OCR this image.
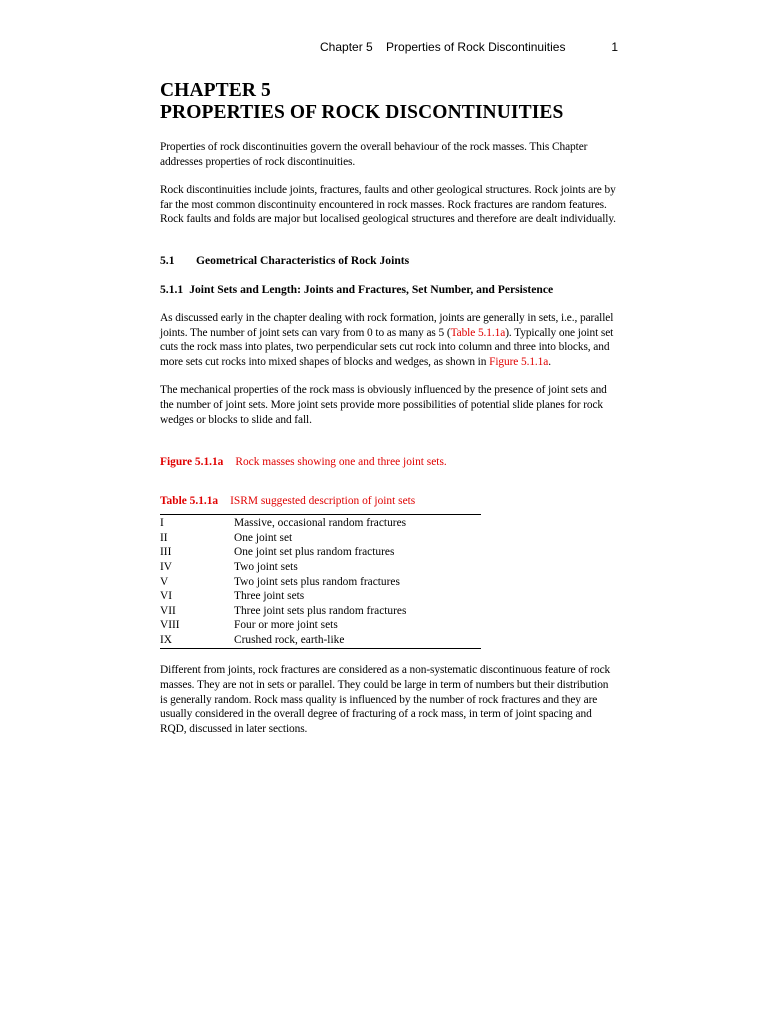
Chapter 5    Properties of Rock Discontinuities	1
CHAPTER 5
PROPERTIES OF ROCK DISCONTINUITIES

Properties of rock discontinuities govern the overall behaviour of the rock masses. This Chapter addresses properties of rock discontinuities.

Rock discontinuities include joints, fractures, faults and other geological structures. Rock joints are by far the most common discontinuity encountered in rock masses. Rock fractures are random features. Rock faults and folds are major but localised geological structures and therefore are dealt individually.

5.1 Geometrical Characteristics of Rock Joints

5.1.1 Joint Sets and Length: Joints and Fractures, Set Number, and Persistence

As discussed early in the chapter dealing with rock formation, joints are generally in sets, i.e., parallel joints. The number of joint sets can vary from 0 to as many as 5 (Table 5.1.1a). Typically one joint set cuts the rock mass into plates, two perpendicular sets cut rock into column and three into blocks, and more sets cut rocks into mixed shapes of blocks and wedges, as shown in Figure 5.1.1a.

The mechanical properties of the rock mass is obviously influenced by the presence of joint sets and the number of joint sets. More joint sets provide more possibilities of potential slide planes for rock wedges or blocks to slide and fall.

Figure 5.1.1a Rock masses showing one and three joint sets.

Table 5.1.1a ISRM suggested description of joint sets

I	Massive, occasional random fractures
II	One joint set
III	One joint set plus random fractures
IV	Two joint sets
V	Two joint sets plus random fractures
VI	Three joint sets
VII	Three joint sets plus random fractures
VIII	Four or more joint sets
IX	Crushed rock, earth-like

Different from joints, rock fractures are considered as a non-systematic discontinuous feature of rock masses. They are not in sets or parallel. They could be large in term of numbers but their distribution is generally random. Rock mass quality is influenced by the number of rock fractures and they are usually considered in the overall degree of fracturing of a rock mass, in term of joint spacing and RQD, discussed in later sections.
